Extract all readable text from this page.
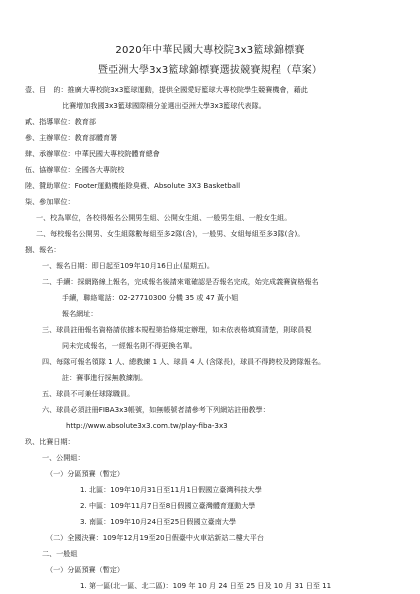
2020年中華民國大專校院3x3籃球錦標賽
暨亞洲大學3x3籃球錦標賽選拔競賽規程（草案）
壹、目　的：推廣大專校院3x3籃球運動，提供全國愛好籃球大專校院學生競賽機會，藉此
比賽增加我國3x3籃球國際積分並選出亞洲大學3x3籃球代表隊。
貳、指導單位：教育部
參、主辦單位：教育部體育署
肆、承辦單位：中華民國大專校院體育總會
伍、協辦單位：全國各大專院校
陸、贊助單位：Footer運動機能除臭襪、Absolute 3X3 Basketball
柒、參加單位：
一、校為單位，各校得報名公開男生組、公開女生組、一般男生組、一般女生組。
二、每校報名公開男、女生組隊數每組至多2隊(含)，一般男、女組每組至多3隊(含)。
捌、報名：
一、報名日期：即日起至109年10月16日止(星期五)。
二、手續：採網路線上報名，完成報名後請來電確認是否報名完成，始完成義賽資格報名
手續，聯絡電話：02-27710300 分機 35 或 47 黃小姐
報名網址：
三、球員註冊報名資格請依據本規程第拾條規定辦理，如未依表格填寫清楚，則球員視
同未完成報名，一經報名則不得更換名單。
四、每隊可報名領隊 1 人、總教練 1 人、球員 4 人 (含隊長)，球員不得跨校及跨隊報名。
註：賽事進行採無教練制。
五、球員不可兼任球隊職員。
六、球員必須註冊FIBA3x3帳號，如無帳號者請參考下列網站註冊教學：
http://www.absolute3x3.com.tw/play-fiba-3x3
玖、比賽日期：
一、公開組：
（一）分區預賽（暫定）
1. 北區：109年10月31日至11月1日假國立臺灣科技大學
2. 中區：109年11月7日至8日假國立臺灣體育運動大學
3. 南區：109年10月24日至25日假國立臺南大學
（二）全國決賽：109年12月19至20日假臺中火車站新站二樓大平台
二、一般組
（一）分區預賽（暫定）
1. 第一區(北一區、北二區)：109 年 10 月 24 日至 25 日及 10 月 31 日至 11
